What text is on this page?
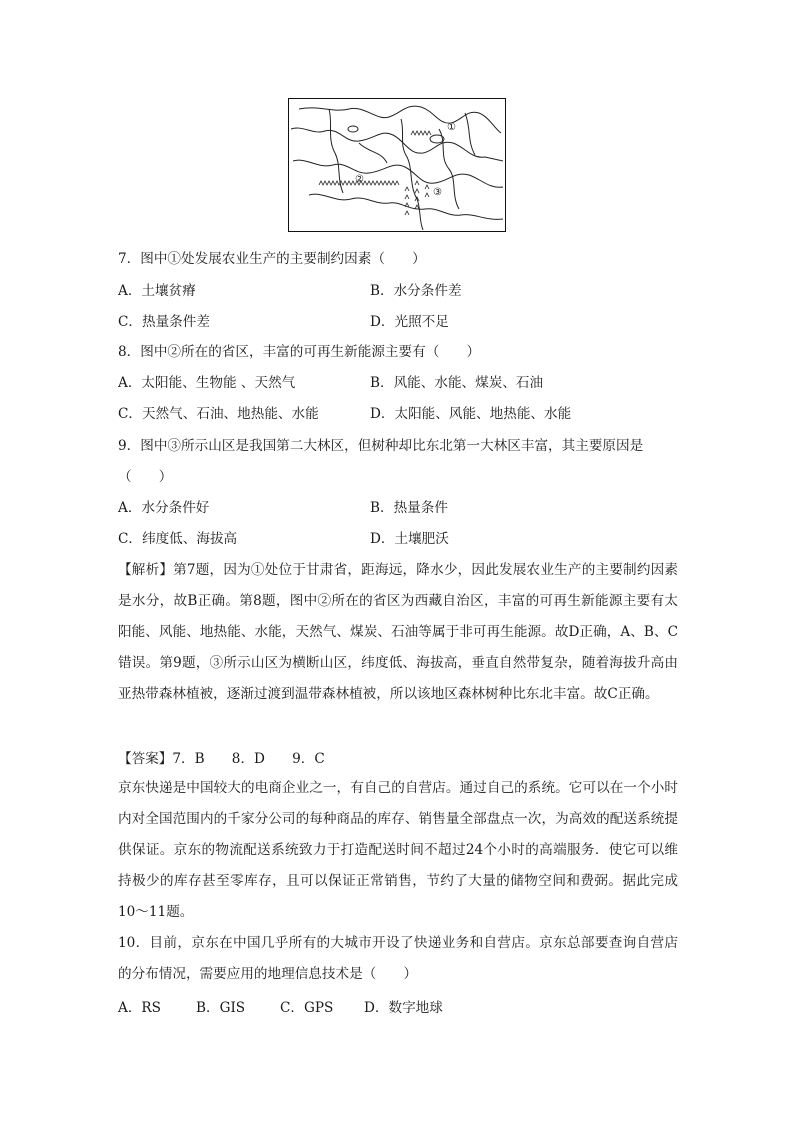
①
②
③
7．图中①处发展农业生产的主要制约因素（　　）
A．土壤贫瘠	B．水分条件差
C．热量条件差	D．光照不足
8．图中②所在的省区，丰富的可再生新能源主要有（　　）
A．太阳能、生物能 、天然气	B．风能、水能、煤炭、石油
C．天然气、石油、地热能、水能	D．太阳能、风能、地热能、水能
9．图中③所示山区是我国第二大林区，但树种却比东北第一大林区丰富，其主要原因是
（　　）
A．水分条件好	B．热量条件
C．纬度低、海拔高	D．土壤肥沃

【解析】第7题，因为①处位于甘肃省，距海远，降水少，因此发展农业生产的主要制约因素是水分，故B正确。第8题，图中②所在的省区为西藏自治区，丰富的可再生新能源主要有太阳能、风能、地热能、水能，天然气、煤炭、石油等属于非可再生能源。故D正确，A、B、C错误。第9题，③所示山区为横断山区，纬度低、海拔高，垂直自然带复杂，随着海拔升高由亚热带森林植被，逐渐过渡到温带森林植被，所以该地区森林树种比东北丰富。故C正确。

【答案】7．B　　8．D　　9．C

京东快递是中国较大的电商企业之一，有自己的自营店。通过自己的系统。它可以在一个小时内对全国范围内的千家分公司的每种商品的库存、销售量全部盘点一次，为高效的配送系统提供保证。京东的物流配送系统致力于打造配送时间不超过24个小时的高端服务．使它可以维持极少的库存甚至零库存，且可以保证正常销售，节约了大量的储物空间和费弼。据此完成10～11题。

10．目前，京东在中国几乎所有的大城市开设了快递业务和自营店。京东总部要查询自营店的分布情况，需要应用的地理信息技术是（　　）

A．RS	B．GIS	C．GPS D．数字地球
